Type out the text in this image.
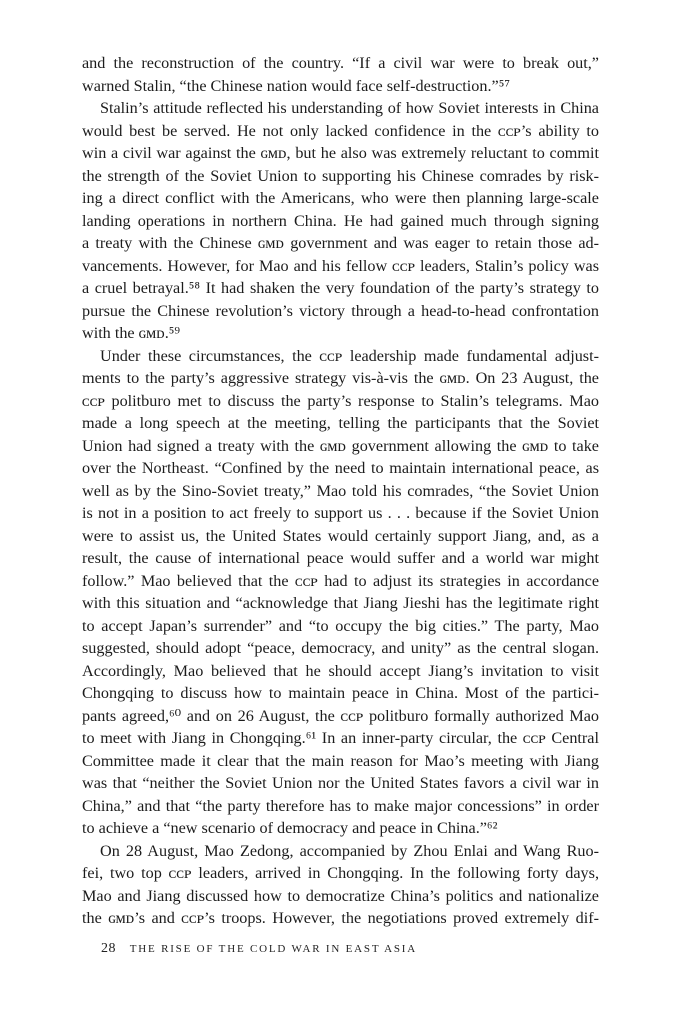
and the reconstruction of the country. “If a civil war were to break out,”
warned Stalin, “the Chinese nation would face self-destruction.”⁵⁷
Stalin’s attitude reflected his understanding of how Soviet interests in China
would best be served. He not only lacked confidence in the ᴄᴄᴘ’s ability to
win a civil war against the ɢᴍᴅ, but he also was extremely reluctant to commit
the strength of the Soviet Union to supporting his Chinese comrades by risk-
ing a direct conflict with the Americans, who were then planning large-scale
landing operations in northern China. He had gained much through signing
a treaty with the Chinese ɢᴍᴅ government and was eager to retain those ad-
vancements. However, for Mao and his fellow ᴄᴄᴘ leaders, Stalin’s policy was
a cruel betrayal.⁵⁸ It had shaken the very foundation of the party’s strategy to
pursue the Chinese revolution’s victory through a head-to-head confrontation
with the ɢᴍᴅ.⁵⁹
Under these circumstances, the ᴄᴄᴘ leadership made fundamental adjust-
ments to the party’s aggressive strategy vis-à-vis the ɢᴍᴅ. On 23 August, the
ᴄᴄᴘ politburo met to discuss the party’s response to Stalin’s telegrams. Mao
made a long speech at the meeting, telling the participants that the Soviet
Union had signed a treaty with the ɢᴍᴅ government allowing the ɢᴍᴅ to take
over the Northeast. “Confined by the need to maintain international peace, as
well as by the Sino-Soviet treaty,” Mao told his comrades, “the Soviet Union
is not in a position to act freely to support us . . . because if the Soviet Union
were to assist us, the United States would certainly support Jiang, and, as a
result, the cause of international peace would suffer and a world war might
follow.” Mao believed that the ᴄᴄᴘ had to adjust its strategies in accordance
with this situation and “acknowledge that Jiang Jieshi has the legitimate right
to accept Japan’s surrender” and “to occupy the big cities.” The party, Mao
suggested, should adopt “peace, democracy, and unity” as the central slogan.
Accordingly, Mao believed that he should accept Jiang’s invitation to visit
Chongqing to discuss how to maintain peace in China. Most of the partici-
pants agreed,⁶⁰ and on 26 August, the ᴄᴄᴘ politburo formally authorized Mao
to meet with Jiang in Chongqing.⁶¹ In an inner-party circular, the ᴄᴄᴘ Central
Committee made it clear that the main reason for Mao’s meeting with Jiang
was that “neither the Soviet Union nor the United States favors a civil war in
China,” and that “the party therefore has to make major concessions” in order
to achieve a “new scenario of democracy and peace in China.”⁶²
On 28 August, Mao Zedong, accompanied by Zhou Enlai and Wang Ruo-
fei, two top ᴄᴄᴘ leaders, arrived in Chongqing. In the following forty days,
Mao and Jiang discussed how to democratize China’s politics and nationalize
the ɢᴍᴅ’s and ᴄᴄᴘ’s troops. However, the negotiations proved extremely dif-
28 THE RISE OF THE COLD WAR IN EAST ASIA
